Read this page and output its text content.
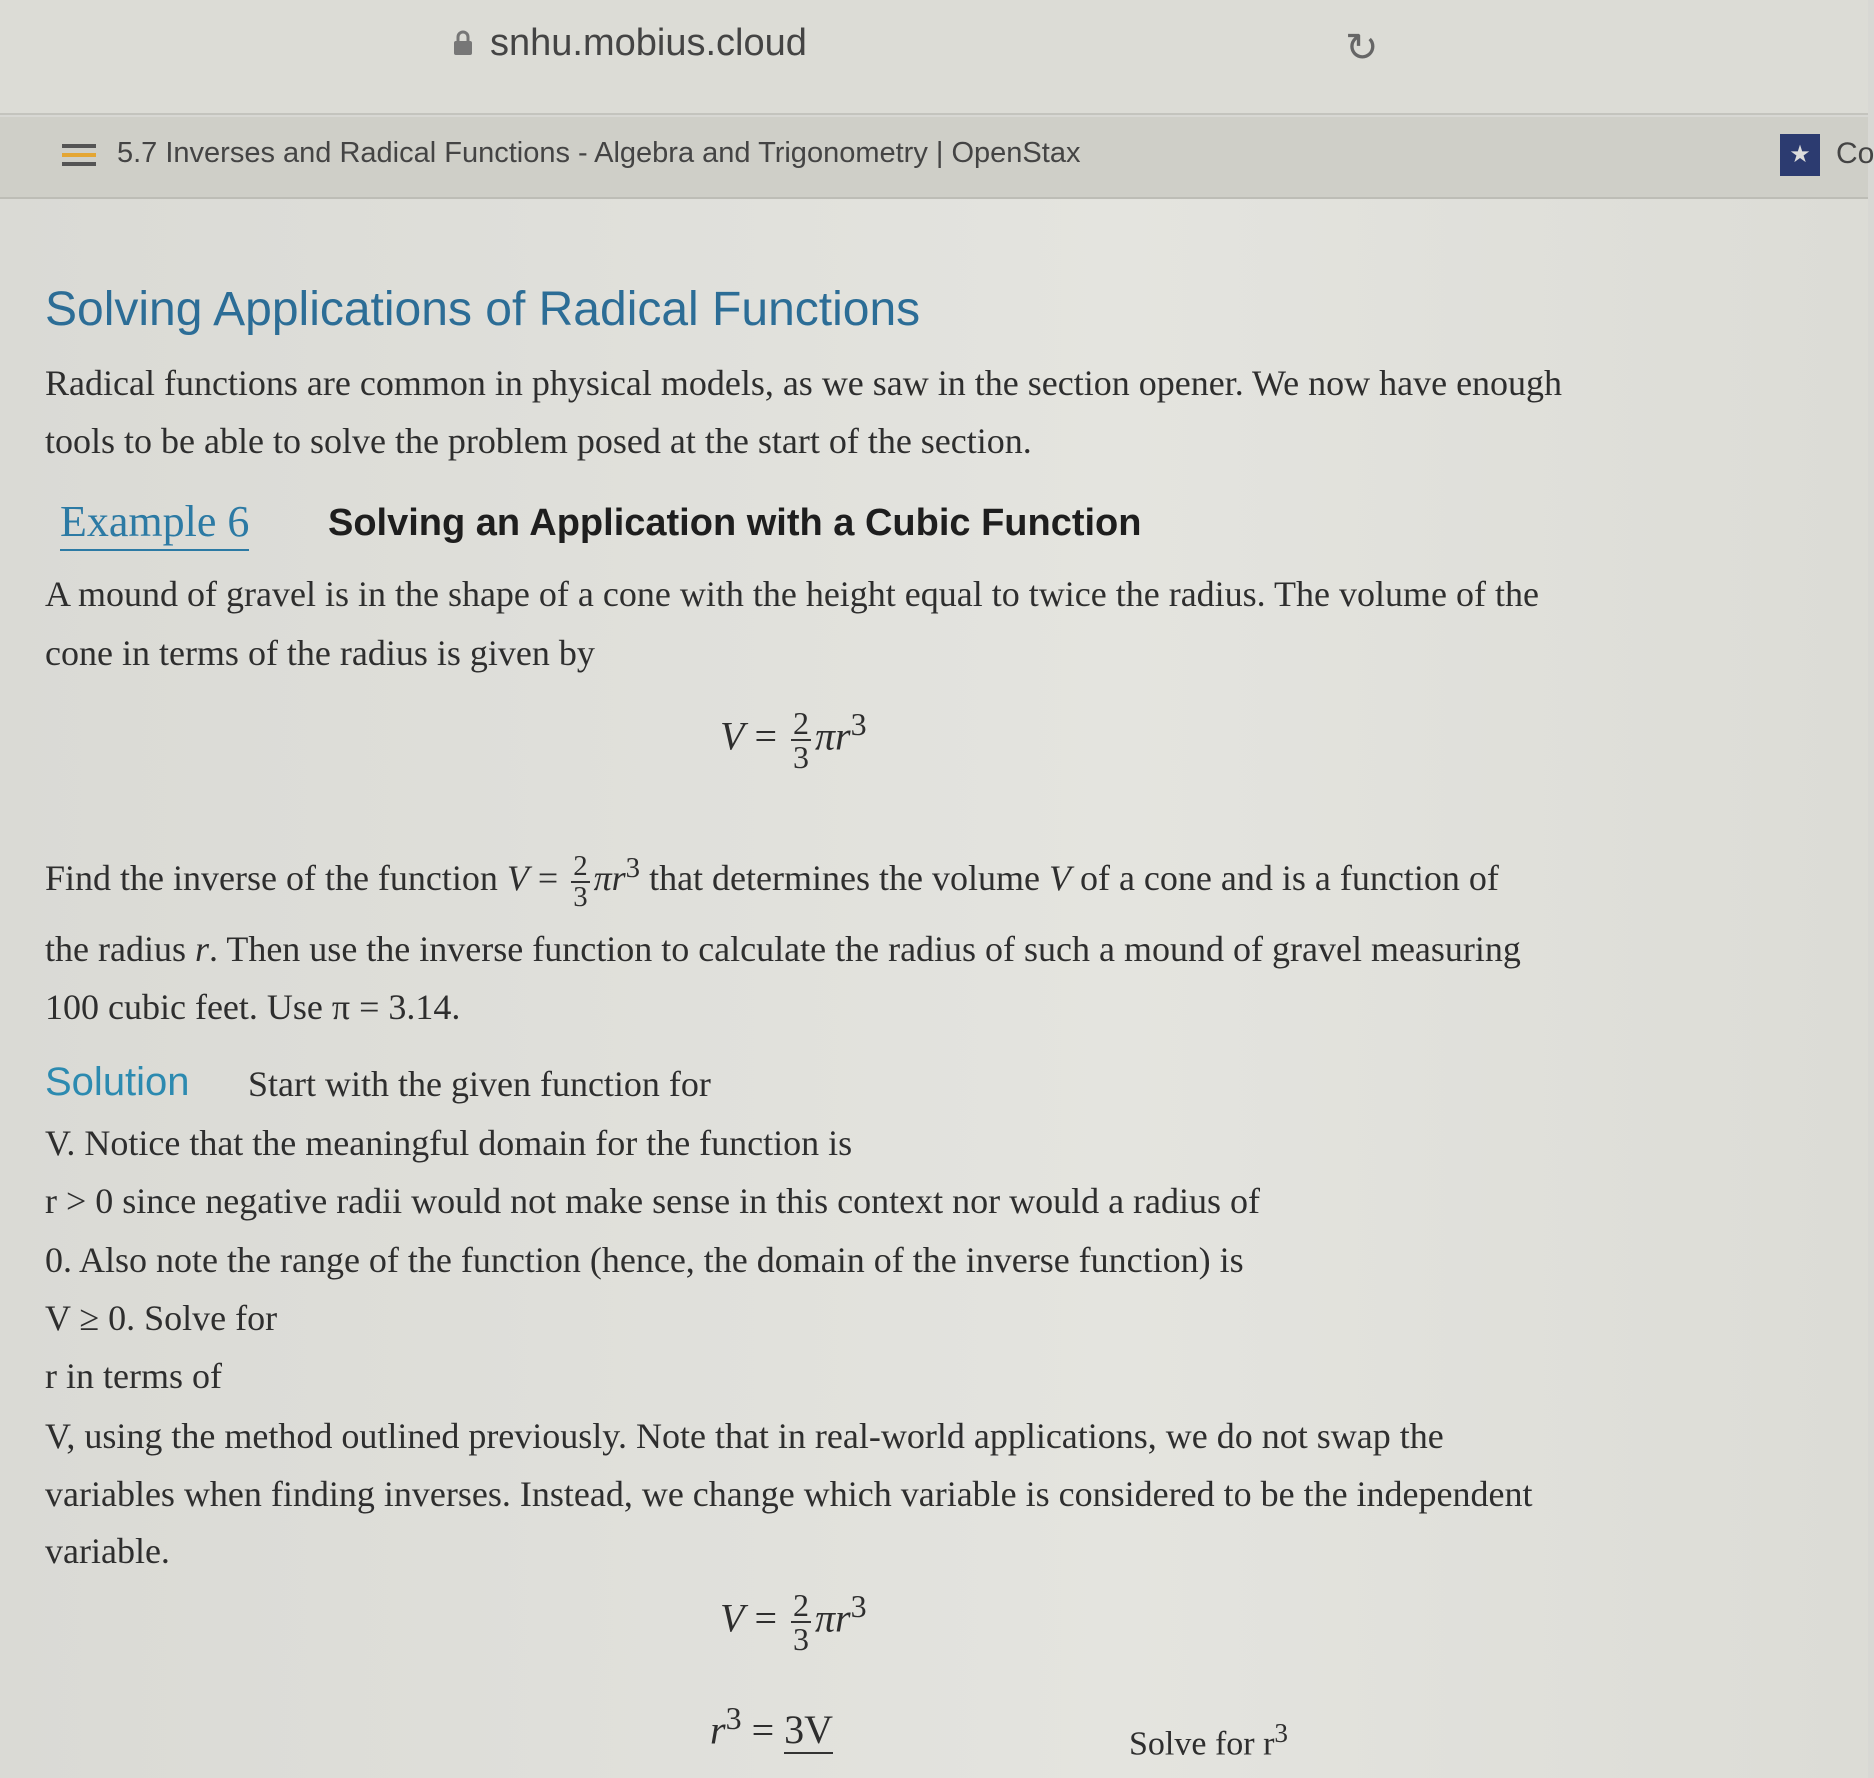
snhu.mobius.cloud	↻
5.7 Inverses and Radical Functions - Algebra and Trigonometry | OpenStax	★ Co
Solving Applications of Radical Functions
Radical functions are common in physical models, as we saw in the section opener. We now have enough
tools to be able to solve the problem posed at the start of the section.
Example 6 Solving an Application with a Cubic Function
A mound of gravel is in the shape of a cone with the height equal to twice the radius. The volume of the
cone in terms of the radius is given by
$V = \frac{2}{3} \pi r^3$
Find the inverse of the function $V = \frac{2}{3} \pi r^3$ that determines the volume V of a cone and is a function of
the radius r. Then use the inverse function to calculate the radius of such a mound of gravel measuring
100 cubic feet. Use π = 3.14.
Solution Start with the given function for
V. Notice that the meaningful domain for the function is
r > 0 since negative radii would not make sense in this context nor would a radius of
0. Also note the range of the function (hence, the domain of the inverse function) is
V ≥ 0. Solve for
r in terms of
V, using the method outlined previously. Note that in real-world applications, we do not swap the
variables when finding inverses. Instead, we change which variable is considered to be the independent
variable.
$V = \frac{2}{3} \pi r^3$
$r^3 = 3V$	Solve for $r^3$
